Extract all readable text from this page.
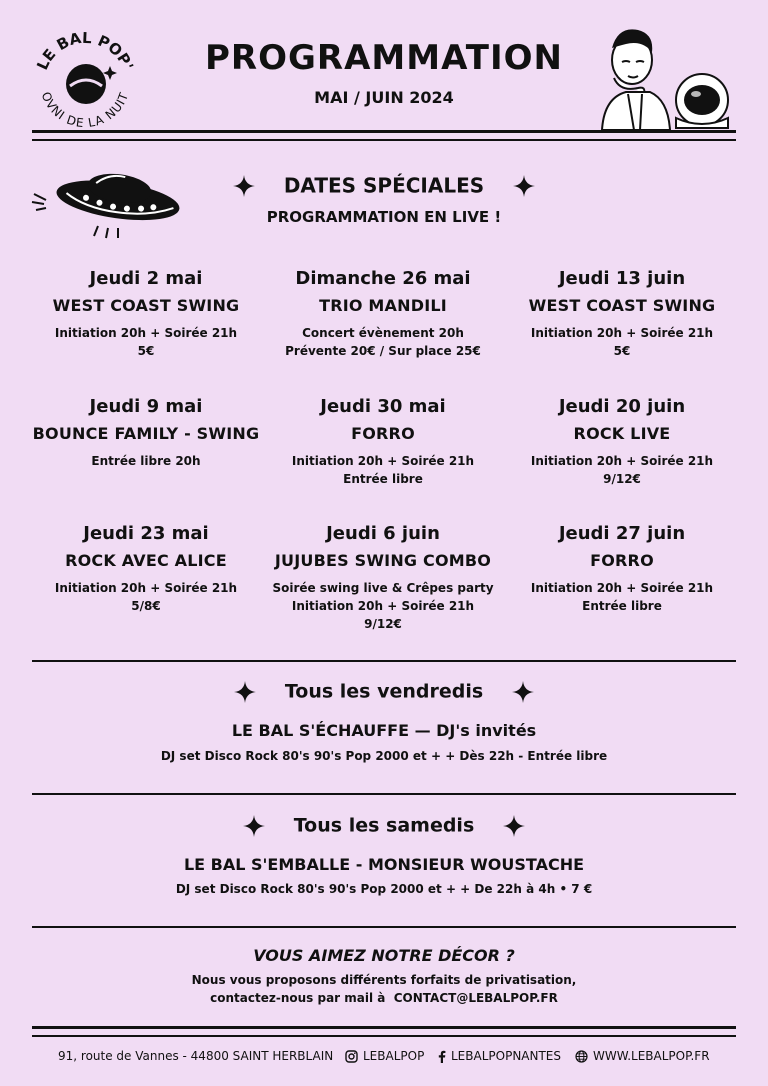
LE BAL POP'
OVNI DE LA NUIT
PROGRAMMATION
MAI / JUIN 2024
DATES SPÉCIALES
PROGRAMMATION EN LIVE !
Jeudi 2 mai
WEST COAST SWING
Initiation 20h + Soirée 21h
5€
Dimanche 26 mai
TRIO MANDILI
Concert évènement 20h
Prévente 20€ / Sur place 25€
Jeudi 13 juin
WEST COAST SWING
Initiation 20h + Soirée 21h
5€
Jeudi 9 mai
BOUNCE FAMILY - SWING
Entrée libre 20h
Jeudi 30 mai
FORRO
Initiation 20h + Soirée 21h
Entrée libre
Jeudi 20 juin
ROCK LIVE
Initiation 20h + Soirée 21h
9/12€
Jeudi 23 mai
ROCK AVEC ALICE
Initiation 20h + Soirée 21h
5/8€
Jeudi 6 juin
JUJUBES SWING COMBO
Soirée swing live & Crêpes party
Initiation 20h + Soirée 21h
9/12€
Jeudi 27 juin
FORRO
Initiation 20h + Soirée 21h
Entrée libre
Tous les vendredis
LE BAL S'ÉCHAUFFE — DJ's invités
DJ set Disco Rock 80's 90's Pop 2000 et + + Dès 22h - Entrée libre
Tous les samedis
LE BAL S'EMBALLE - MONSIEUR WOUSTACHE
DJ set Disco Rock 80's 90's Pop 2000 et + + De 22h à 4h • 7 €
VOUS AIMEZ NOTRE DÉCOR ?
Nous vous proposons différents forfaits de privatisation,
contactez-nous par mail à  CONTACT@LEBALPOP.FR
91, route de Vannes - 44800 SAINT HERBLAIN	LEBALPOP	LEBALPOPNANTES	WWW.LEBALPOP.FR
